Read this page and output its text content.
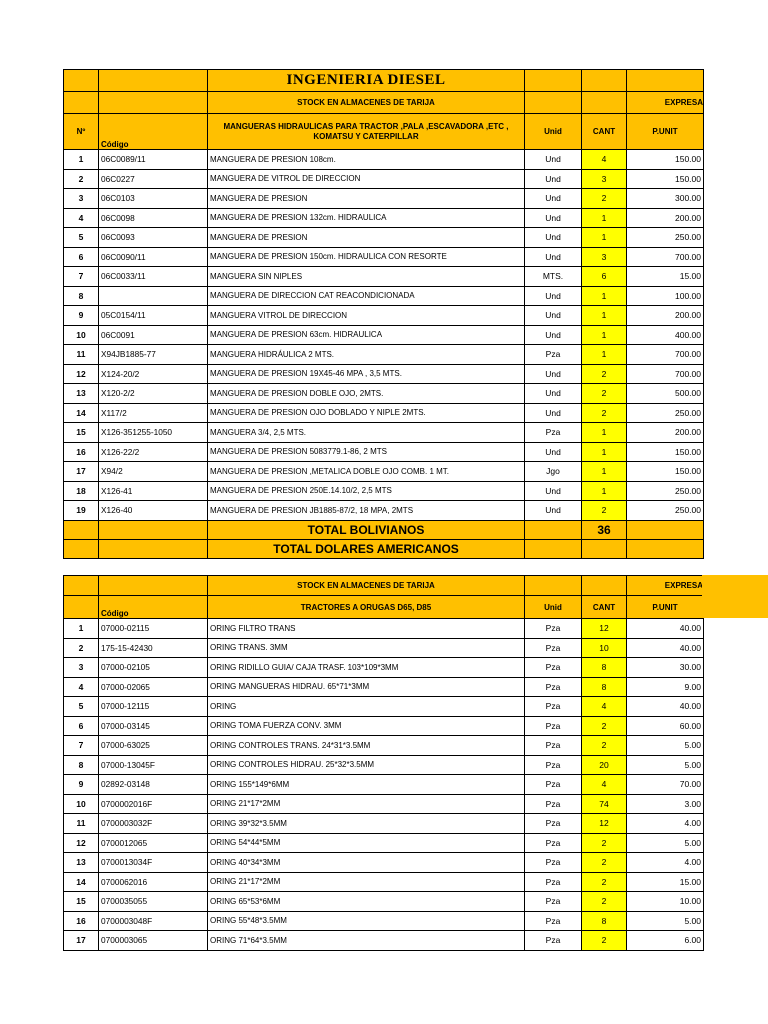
		INGENIERIA DIESEL			
		STOCK EN ALMACENES DE TARIJA			EXPRESA
Nº	Código	MANGUERAS HIDRAULICAS PARA TRACTOR ,PALA ,ESCAVADORA ,ETC , KOMATSU Y CATERPILLAR	Unid	CANT	P.UNIT
1	06C0089/11	MANGUERA DE PRESION 108cm.	Und	4	150.00
2	06C0227	MANGUERA DE VITROL DE DIRECCION	Und	3	150.00
3	06C0103	MANGUERA DE PRESION	Und	2	300.00
4	06C0098	MANGUERA DE PRESION 132cm. HIDRAULICA	Und	1	200.00
5	06C0093	MANGUERA DE PRESION	Und	1	250.00
6	06C0090/11	MANGUERA DE PRESION 150cm. HIDRAULICA CON RESORTE	Und	3	700.00
7	06C0033/11	MANGUERA SIN NIPLES	MTS.	6	15.00
8		MANGUERA DE DIRECCION CAT REACONDICIONADA	Und	1	100.00
9	05C0154/11	MANGUERA VITROL DE DIRECCION	Und	1	200.00
10	06C0091	MANGUERA DE PRESION 63cm. HIDRAULICA	Und	1	400.00
11	X94JB1885-77	MANGUERA HIDRÁULICA 2 MTS.	Pza	1	700.00
12	X124-20/2	MANGUERA DE PRESION 19X45-46 MPA , 3,5 MTS.	Und	2	700.00
13	X120-2/2	MANGUERA DE PRESION DOBLE OJO, 2MTS.	Und	2	500.00
14	X117/2	MANGUERA DE PRESION OJO DOBLADO Y NIPLE 2MTS.	Und	2	250.00
15	X126-351255-1050	MANGUERA 3/4, 2,5 MTS.	Pza	1	200.00
16	X126-22/2	MANGUERA DE PRESION 5083779.1-86, 2 MTS	Und	1	150.00
17	X94/2	MANGUERA DE PRESION ,METALICA DOBLE OJO COMB. 1 MT.	Jgo	1	150.00
18	X126-41	MANGUERA DE PRESION 250E.14.10/2, 2,5 MTS	Und	1	250.00
19	X126-40	MANGUERA DE PRESION JB1885-87/2, 18 MPA, 2MTS	Und	2	250.00
		TOTAL BOLIVIANOS		36	
		TOTAL DOLARES AMERICANOS			
		STOCK EN ALMACENES DE TARIJA			EXPRESA
	Código	TRACTORES A ORUGAS D65, D85	Unid	CANT	P.UNIT
1	07000-02115	ORING FILTRO TRANS	Pza	12	40.00
2	175-15-42430	ORING TRANS. 3MM	Pza	10	40.00
3	07000-02105	ORING RIDILLO GUIA/ CAJA TRASF. 103*109*3MM	Pza	8	30.00
4	07000-02065	ORING MANGUERAS HIDRAU. 65*71*3MM	Pza	8	9.00
5	07000-12115	ORING	Pza	4	40.00
6	07000-03145	ORING TOMA FUERZA CONV. 3MM	Pza	2	60.00
7	07000-63025	ORING CONTROLES TRANS. 24*31*3.5MM	Pza	2	5.00
8	07000-13045F	ORING CONTROLES HIDRAU. 25*32*3.5MM	Pza	20	5.00
9	02892-03148	ORING 155*149*6MM	Pza	4	70.00
10	0700002016F	ORING 21*17*2MM	Pza	74	3.00
11	0700003032F	ORING 39*32*3.5MM	Pza	12	4.00
12	0700012065	ORING 54*44*5MM	Pza	2	5.00
13	0700013034F	ORING 40*34*3MM	Pza	2	4.00
14	0700062016	ORING 21*17*2MM	Pza	2	15.00
15	0700035055	ORING 65*53*6MM	Pza	2	10.00
16	0700003048F	ORING 55*48*3.5MM	Pza	8	5.00
17	0700003065	ORING 71*64*3.5MM	Pza	2	6.00
